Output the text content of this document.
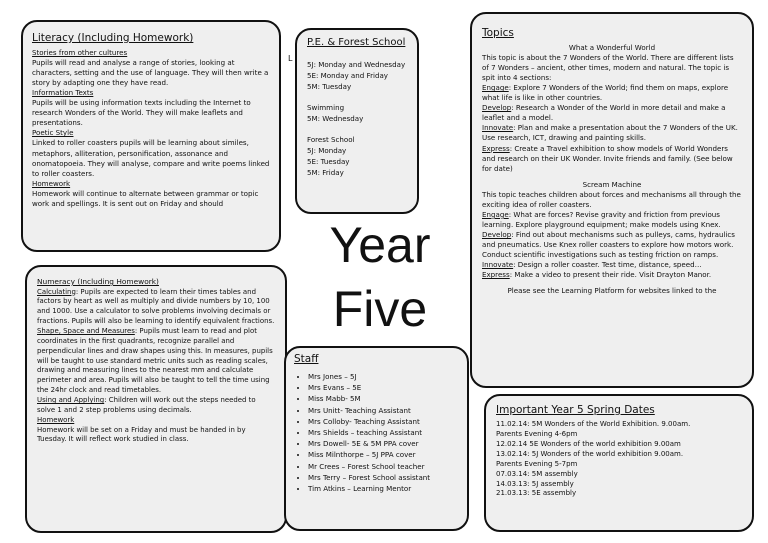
Literacy (Including Homework)
Stories from other cultures

Pupils will read and analyse a range of stories, looking at characters, setting and the use of language. They will then write a story by adapting one they have read.

Information Texts

Pupils will be using information texts including the Internet to research Wonders of the World. They will make leaflets and presentations.

Poetic Style

Linked to roller coasters pupils will be learning about similes, metaphors, alliteration, personification, assonance and onomatopoeia. They will analyse, compare and write poems linked to roller coasters.

Homework

Homework will continue to alternate between grammar or topic work and spellings. It is sent out on Friday and should

L
P.E. & Forest School

5J: Monday and Wednesday

5E: Monday and Friday

5M: Tuesday

Swimming

5M: Wednesday

Forest School

5J: Monday

5E: Tuesday

5M: Friday

Year
Five
Topics
What a Wonderful World

This topic is about the 7 Wonders of the World. There are different lists of 7 Wonders – ancient, other times, modern and natural. The topic is spit into 4 sections:

Engage: Explore 7 Wonders of the World; find them on maps, explore what life is like in other countries.

Develop: Research a Wonder of the World in more detail and make a leaflet and a model.

Innovate: Plan and make a presentation about the 7 Wonders of the UK. Use research, ICT, drawing and painting skills.

Express: Create a Travel exhibition to show models of World Wonders and research on their UK Wonder. Invite friends and family. (See below for date)

Scream Machine

This topic teaches children about forces and mechanisms all through the exciting idea of roller coasters.

Engage: What are forces? Revise gravity and friction from previous learning. Explore playground equipment; make models using Knex.

Develop: Find out about mechanisms such as pulleys, cams, hydraulics and pneumatics. Use Knex roller coasters to explore how motors work. Conduct scientific investigations such as testing friction on ramps.

Innovate: Design a roller coaster. Test time, distance, speed…

Express: Make a video to present their ride. Visit Drayton Manor.

Please see the Learning Platform for websites linked to the
Numeracy (Including Homework)

Calculating: Pupils are expected to learn their times tables and factors by heart as well as multiply and divide numbers by 10, 100 and 1000. Use a calculator to solve problems involving decimals or fractions. Pupils will also be learning to identify equivalent fractions.

Shape, Space and Measures: Pupils must learn to read and plot coordinates in the first quadrants, recognize parallel and perpendicular lines and draw shapes using this. In measures, pupils will be taught to use standard metric units such as reading scales, drawing and measuring lines to the nearest mm and calculate perimeter and area. Pupils will also be taught to tell the time using the 24hr clock and read timetables.

Using and Applying: Children will work out the steps needed to solve 1 and 2 step problems using decimals.

Homework

Homework will be set on a Friday and must be handed in by Tuesday. It will reflect work studied in class.

Staff
• Mrs Jones – 5J
• Mrs Evans – 5E
• Miss Mabb- 5M
• Mrs Unitt- Teaching Assistant
• Mrs Colloby- Teaching Assistant
• Mrs Shields – teaching Assistant
• Mrs Dowell- 5E & 5M PPA cover
• Miss Milnthorpe – 5J PPA cover
• Mr Crees – Forest School teacher
• Mrs Terry – Forest School assistant
• Tim Atkins – Learning Mentor
Important Year 5 Spring Dates

11.02.14: 5M Wonders of the World Exhibition. 9.00am.

Parents Evening 4-6pm

12.02.14 5E Wonders of the world exhibition 9.00am

13.02.14: 5J Wonders of the world exhibition 9.00am.

Parents Evening 5-7pm

07.03.14: 5M assembly

14.03.13: 5J assembly

21.03.13: 5E assembly
